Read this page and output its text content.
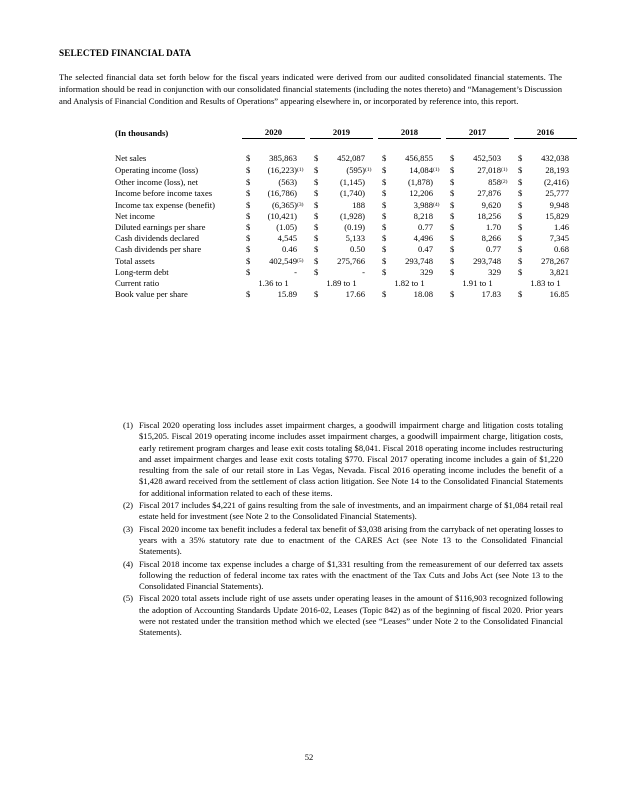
SELECTED FINANCIAL DATA
The selected financial data set forth below for the fiscal years indicated were derived from our audited consolidated financial statements. The information should be read in conjunction with our consolidated financial statements (including the notes thereto) and “Management’s Discussion and Analysis of Financial Condition and Results of Operations” appearing elsewhere in, or incorporated by reference into, this report.
(In thousands)		2020				2019				2018				2017				2016		

Net sales		$	385,863			$	452,087			$	456,855			$	452,503			$	432,038	
Operating income (loss)		$	(16,223)	(1)		$	(595)	(1)		$	14,084	(1)		$	27,018	(1)		$	28,193	
Other income (loss), net		$	(563)			$	(1,145)			$	(1,878)			$	858	(2)		$	(2,416)	
Income before income taxes		$	(16,786)			$	(1,740)			$	12,206			$	27,876			$	25,777	
Income tax expense (benefit)		$	(6,365)	(3)		$	188			$	3,988	(4)		$	9,620			$	9,948	
Net income		$	(10,421)			$	(1,928)			$	8,218			$	18,256			$	15,829	
Diluted earnings per share		$	(1.05)			$	(0.19)			$	0.77			$	1.70			$	1.46	
Cash dividends declared		$	4,545			$	5,133			$	4,496			$	8,266			$	7,345	
Cash dividends per share		$	0.46			$	0.50			$	0.47			$	0.77			$	0.68	
Total assets		$	402,549	(5)		$	275,766			$	293,748			$	293,748			$	278,267	
Long-term debt		$	-			$	-			$	329			$	329			$	3,821	
Current ratio		1.36 to 1				1.89 to 1				1.82 to 1				1.91 to 1				1.83 to 1		
Book value per share		$	15.89			$	17.66			$	18.08			$	17.83			$	16.85	
(1) Fiscal 2020 operating loss includes asset impairment charges, a goodwill impairment charge and litigation costs totaling $15,205. Fiscal 2019 operating income includes asset impairment charges, a goodwill impairment charge, litigation costs, early retirement program charges and lease exit costs totaling $8,041. Fiscal 2018 operating income includes restructuring and asset impairment charges and lease exit costs totaling $770. Fiscal 2017 operating income includes a gain of $1,220 resulting from the sale of our retail store in Las Vegas, Nevada. Fiscal 2016 operating income includes the benefit of a $1,428 award received from the settlement of class action litigation. See Note 14 to the Consolidated Financial Statements for additional information related to each of these items.
(2) Fiscal 2017 includes $4,221 of gains resulting from the sale of investments, and an impairment charge of $1,084 retail real estate held for investment (see Note 2 to the Consolidated Financial Statements).
(3) Fiscal 2020 income tax benefit includes a federal tax benefit of $3,038 arising from the carryback of net operating losses to years with a 35% statutory rate due to enactment of the CARES Act (see Note 13 to the Consolidated Financial Statements).
(4) Fiscal 2018 income tax expense includes a charge of $1,331 resulting from the remeasurement of our deferred tax assets following the reduction of federal income tax rates with the enactment of the Tax Cuts and Jobs Act (see Note 13 to the Consolidated Financial Statements).
(5) Fiscal 2020 total assets include right of use assets under operating leases in the amount of $116,903 recognized following the adoption of Accounting Standards Update 2016-02, Leases (Topic 842) as of the beginning of fiscal 2020. Prior years were not restated under the transition method which we elected (see “Leases” under Note 2 to the Consolidated Financial Statements).
52
